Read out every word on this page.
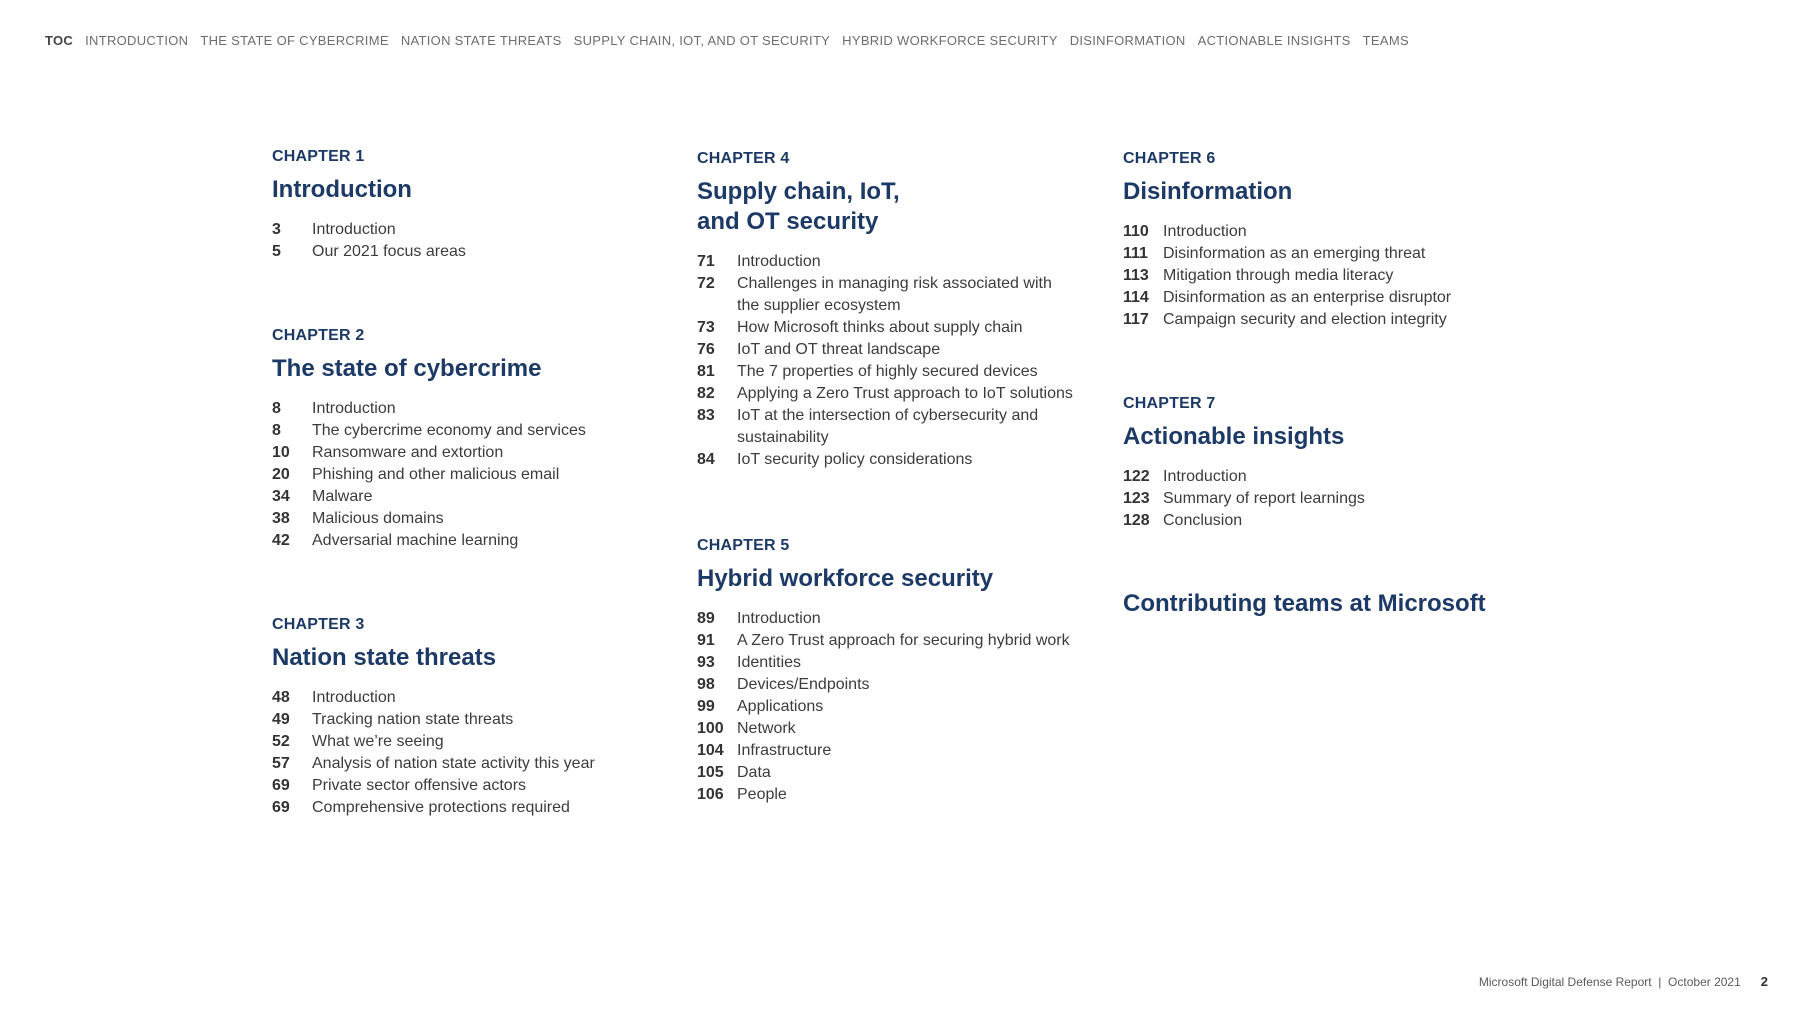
TOC INTRODUCTION THE STATE OF CYBERCRIME NATION STATE THREATS SUPPLY CHAIN, IOT, AND OT SECURITY HYBRID WORKFORCE SECURITY DISINFORMATION ACTIONABLE INSIGHTS TEAMS
CHAPTER 1
Introduction
3	Introduction
5	Our 2021 focus areas
CHAPTER 2
The state of cybercrime
8	Introduction
8	The cybercrime economy and services
10	Ransomware and extortion
20	Phishing and other malicious email
34	Malware
38	Malicious domains
42	Adversarial machine learning
CHAPTER 3
Nation state threats
48	Introduction
49	Tracking nation state threats
52	What we’re seeing
57	Analysis of nation state activity this year
69	Private sector offensive actors
69	Comprehensive protections required
CHAPTER 4
Supply chain, IoT,
and OT security
71	Introduction
72	Challenges in managing risk associated with
the supplier ecosystem
73	How Microsoft thinks about supply chain
76	IoT and OT threat landscape
81	The 7 properties of highly secured devices
82	Applying a Zero Trust approach to IoT solutions
83	IoT at the intersection of cybersecurity and
sustainability
84	IoT security policy considerations
CHAPTER 5
Hybrid workforce security
89	Introduction
91	A Zero Trust approach for securing hybrid work
93	Identities
98	Devices/Endpoints
99	Applications
100 Network
104 Infrastructure
105 Data
106 People
CHAPTER 6
Disinformation
110 Introduction
111 Disinformation as an emerging threat
113 Mitigation through media literacy
114 Disinformation as an enterprise disruptor
117 Campaign security and election integrity
CHAPTER 7
Actionable insights
122 Introduction
123 Summary of report learnings
128 Conclusion
Contributing teams at Microsoft
Microsoft Digital Defense Report  |  October 2021 2
